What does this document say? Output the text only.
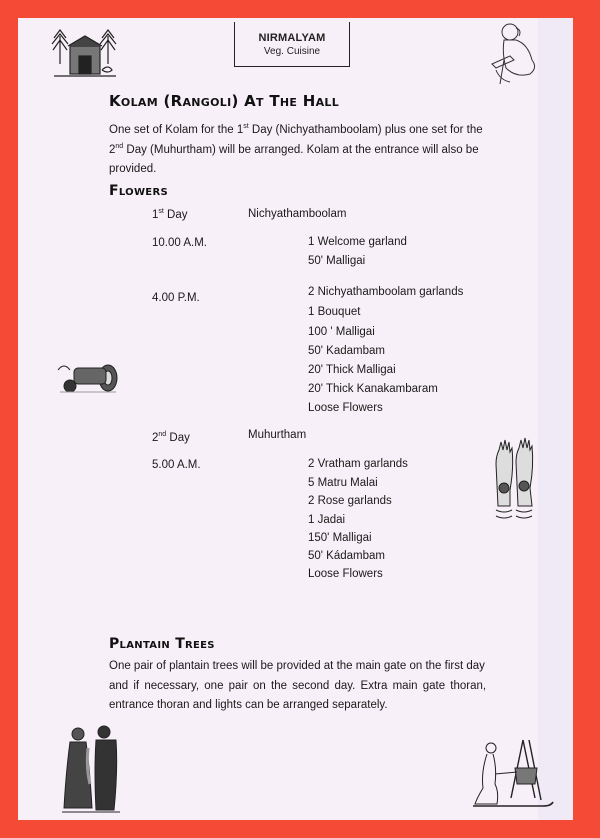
NIRMALYAM
Veg. Cuisine
Kolam (Rangoli) At The Hall
One set of Kolam for the 1st Day (Nichyathamboolam) plus one set for the
2nd Day (Muhurtham) will be arranged. Kolam at the entrance will also be
provided.
Flowers
1st Day	Nichyathamboolam
10.00 A.M.	1 Welcome garland
50' Malligai
4.00 P.M.	2 Nichyathamboolam garlands
1 Bouquet
100 ' Malligai
50' Kadambam
20' Thick Malligai
20' Thick Kanakambaram
Loose Flowers
2nd Day	Muhurtham
5.00 A.M.	2 Vratham garlands
5 Matru Malai
2 Rose garlands
1 Jadai
150' Malligai
50' Kádambam
Loose Flowers
Plantain Trees
One pair of plantain trees will be provided at the main gate on the first day
and if necessary, one pair on the second day. Extra main gate thoran,
entrance thoran and lights can be arranged separately.
